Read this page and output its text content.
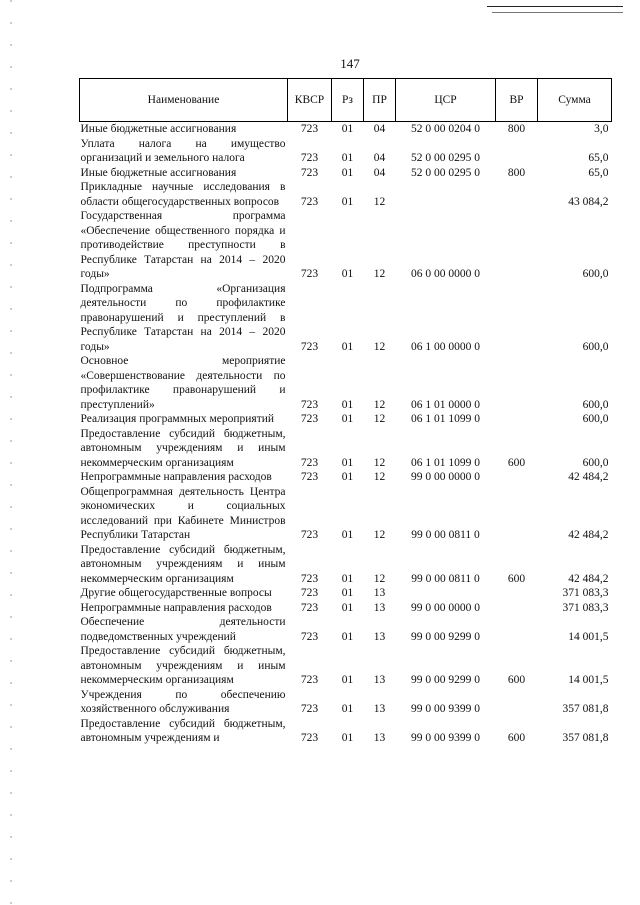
147
Наименование	КВСР	Рз	ПР	ЦСР	ВР	Сумма
Иные бюджетные ассигнования	723	01	04	52 0 00 0204 0	800	3,0
Уплата налога на имущество организаций и земельного налога	723	01	04	52 0 00 0295 0		65,0
Иные бюджетные ассигнования	723	01	04	52 0 00 0295 0	800	65,0
Прикладные научные исследования в области общегосударственных вопросов	723	01	12			43 084,2
Государственная программа «Обеспечение общественного порядка и противодействие преступности в Республике Татарстан на 2014 – 2020 годы»	723	01	12	06 0 00 0000 0		600,0
Подпрограмма «Организация деятельности по профилактике правонарушений и преступлений в Республике Татарстан на 2014 – 2020 годы»	723	01	12	06 1 00 0000 0		600,0
Основное мероприятие «Совершенствование деятельности по профилактике правонарушений и преступлений»	723	01	12	06 1 01 0000 0		600,0
Реализация программных мероприятий	723	01	12	06 1 01 1099 0		600,0
Предоставление субсидий бюджетным, автономным учреждениям и иным некоммерческим организациям	723	01	12	06 1 01 1099 0	600	600,0
Непрограммные направления расходов	723	01	12	99 0 00 0000 0		42 484,2
Общепрограммная деятельность Центра экономических и социальных исследований при Кабинете Министров Республики Татарстан	723	01	12	99 0 00 0811 0		42 484,2
Предоставление субсидий бюджетным, автономным учреждениям и иным некоммерческим организациям	723	01	12	99 0 00 0811 0	600	42 484,2
Другие общегосударственные вопросы	723	01	13			371 083,3
Непрограммные направления расходов	723	01	13	99 0 00 0000 0		371 083,3
Обеспечение деятельности подведомственных учреждений	723	01	13	99 0 00 9299 0		14 001,5
Предоставление субсидий бюджетным, автономным учреждениям и иным некоммерческим организациям	723	01	13	99 0 00 9299 0	600	14 001,5
Учреждения по обеспечению хозяйственного обслуживания	723	01	13	99 0 00 9399 0		357 081,8
Предоставление субсидий бюджетным, автономным учреждениям и	723	01	13	99 0 00 9399 0	600	357 081,8
